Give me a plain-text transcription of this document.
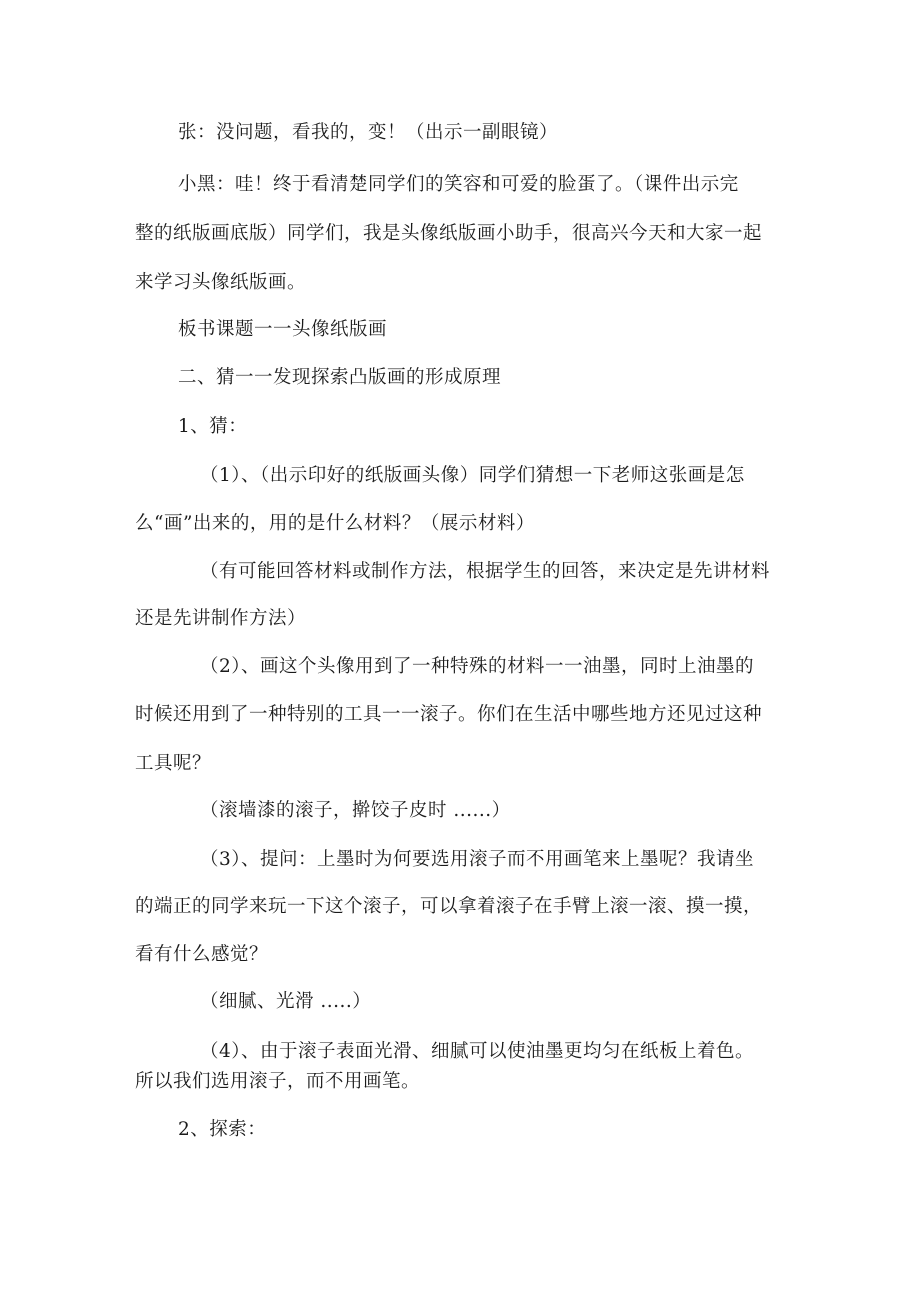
张：没问题，看我的，变！（出示一副眼镜）
小黑：哇！终于看清楚同学们的笑容和可爱的脸蛋了。（课件出示完
整的纸版画底版）同学们，我是头像纸版画小助手，很高兴今天和大家一起
来学习头像纸版画。
板书课题一一头像纸版画
二、猜一一发现探索凸版画的形成原理
1、猜：
（1）、（出示印好的纸版画头像）同学们猜想一下老师这张画是怎
么“画”出来的，用的是什么材料？（展示材料）
（有可能回答材料或制作方法，根据学生的回答，来决定是先讲材料
还是先讲制作方法）
（2）、画这个头像用到了一种特殊的材料一一油墨，同时上油墨的
时候还用到了一种特别的工具一一滚子。你们在生活中哪些地方还见过这种
工具呢？
（滚墙漆的滚子，擀饺子皮时 ......）
（3）、提问：上墨时为何要选用滚子而不用画笔来上墨呢？我请坐
的端正的同学来玩一下这个滚子，可以拿着滚子在手臂上滚一滚、摸一摸，
看有什么感觉？
（细腻、光滑 .....）
（4）、由于滚子表面光滑、细腻可以使油墨更均匀在纸板上着色。
所以我们选用滚子，而不用画笔。
2、探索：
